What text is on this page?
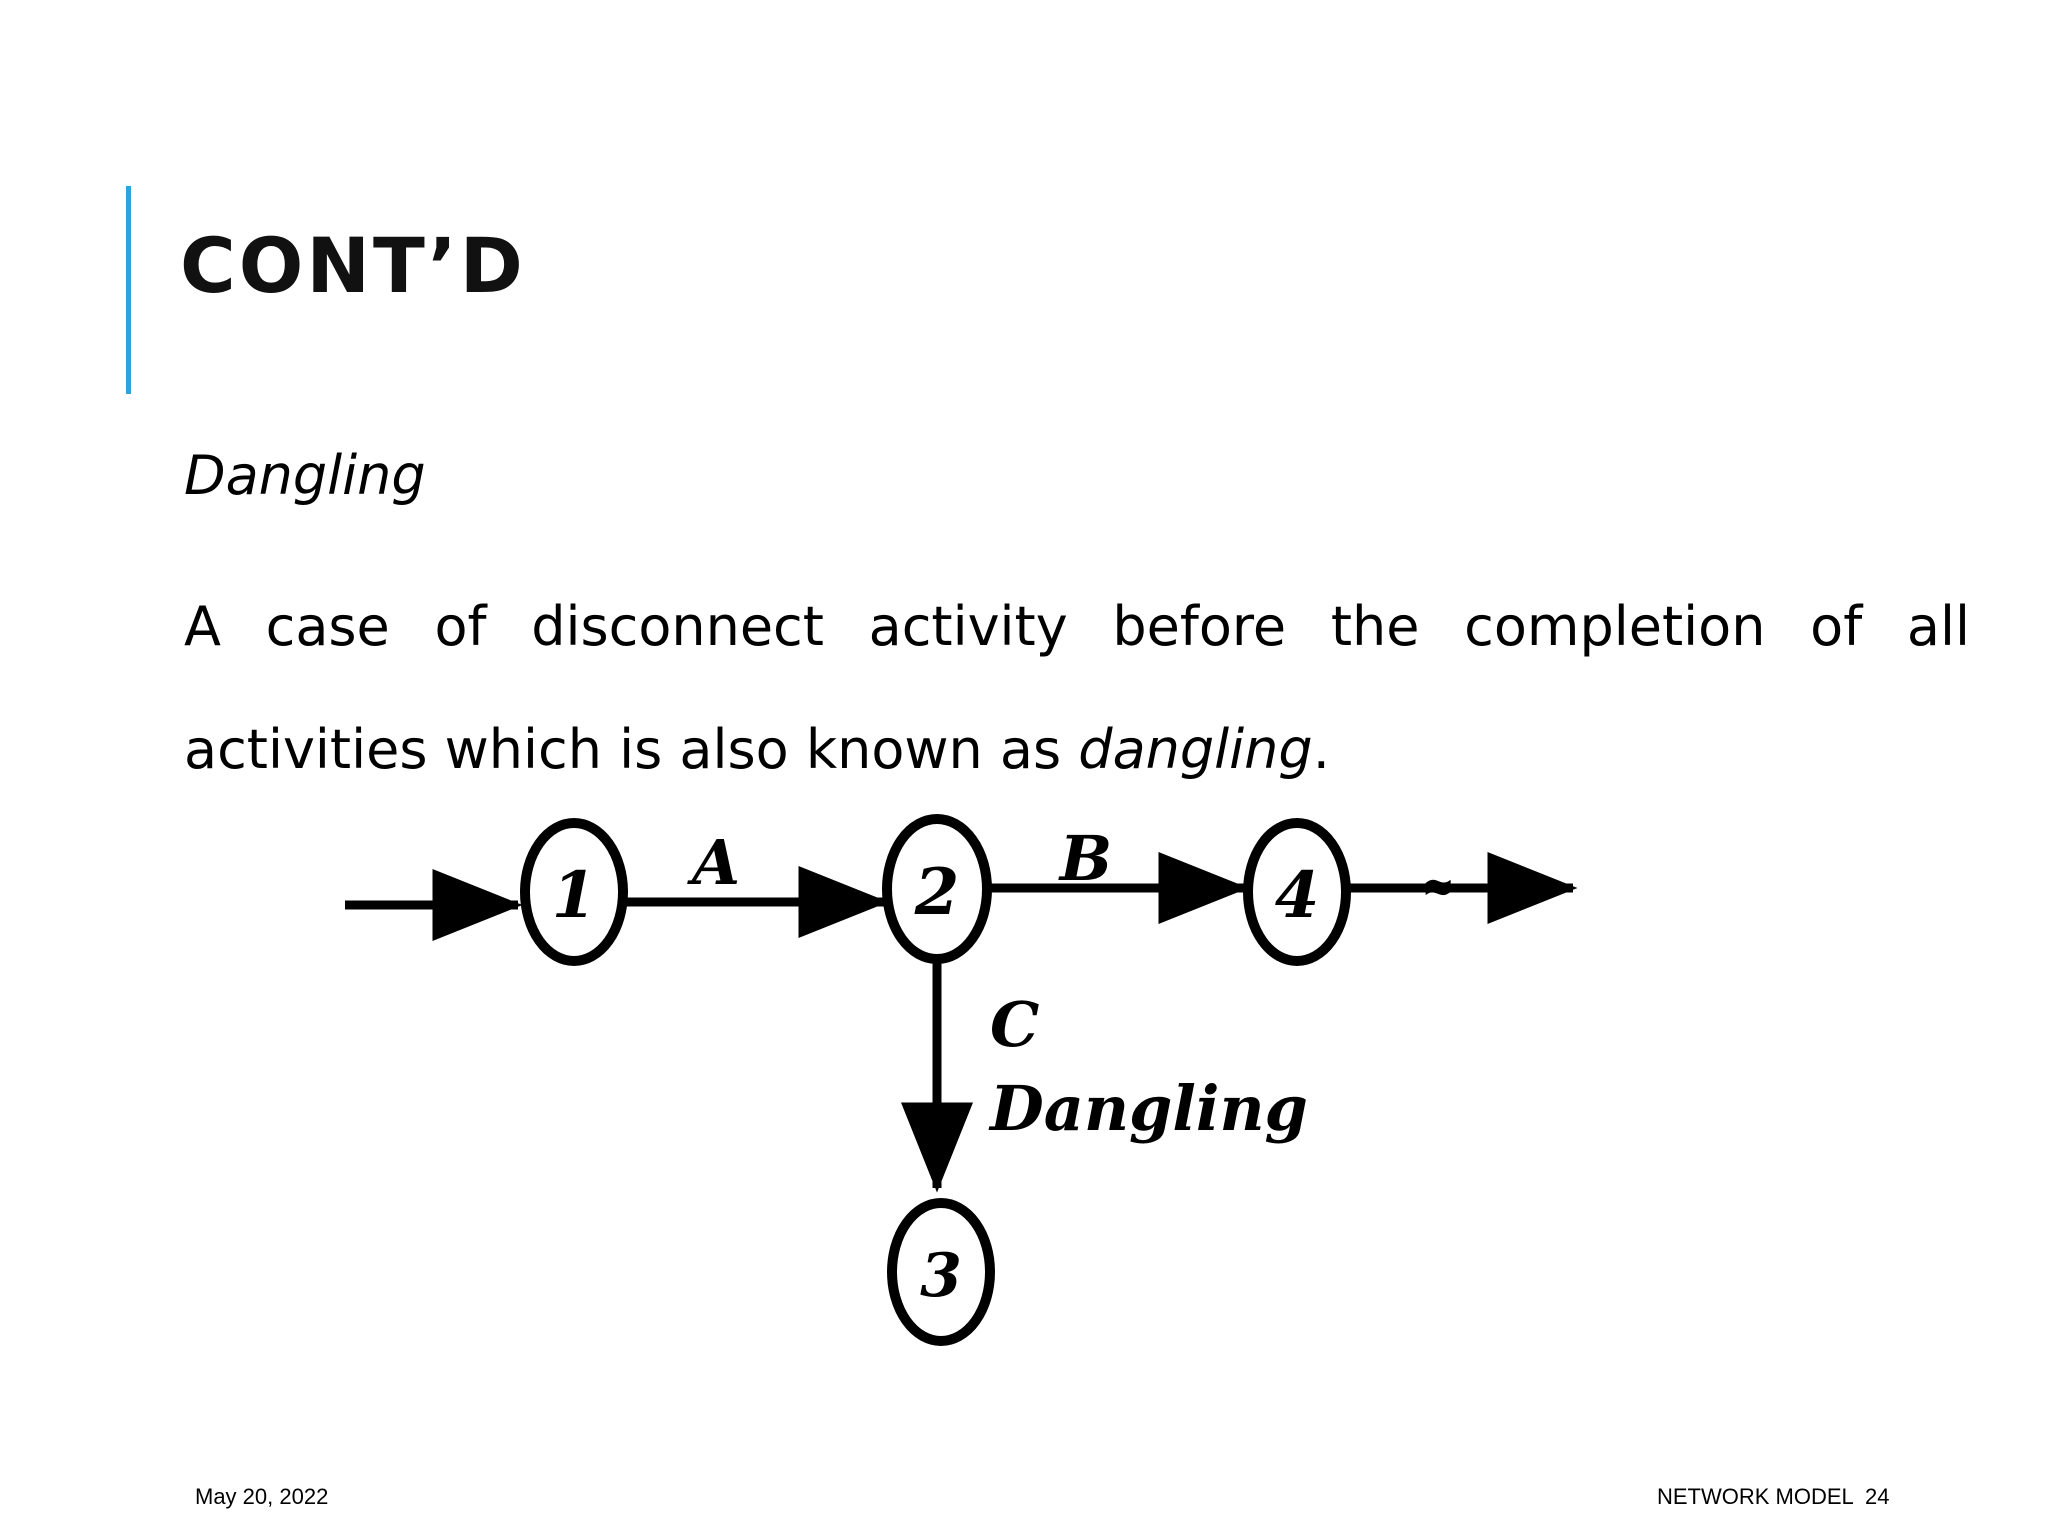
CONT’D
Dangling
A case of disconnect activity before the completion of all activities which is also known as dangling.
≈
1	2
3
4
A	B
C
Dangling
May 20, 2022	NETWORK MODEL 24
